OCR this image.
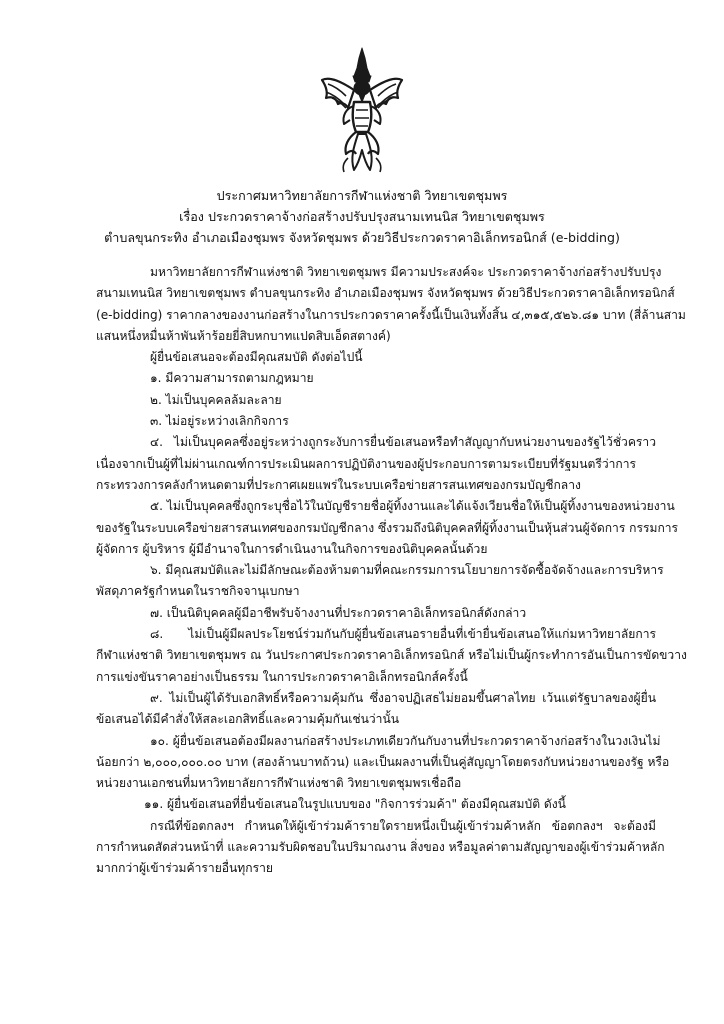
ประกาศมหาวิทยาลัยการกีฬาแห่งชาติ วิทยาเขตชุมพร
เรื่อง ประกวดราคาจ้างก่อสร้างปรับปรุงสนามเทนนิส วิทยาเขตชุมพร
ตำบลขุนกระทิง อำเภอเมืองชุมพร จังหวัดชุมพร ด้วยวิธีประกวดราคาอิเล็กทรอนิกส์ (e-bidding)
มหาวิทยาลัยการกีฬาแห่งชาติ วิทยาเขตชุมพร มีความประสงค์จะ ประกวดราคาจ้างก่อสร้างปรับปรุง
สนามเทนนิส วิทยาเขตชุมพร ตำบลขุนกระทิง อำเภอเมืองชุมพร จังหวัดชุมพร ด้วยวิธีประกวดราคาอิเล็กทรอนิกส์
(e-bidding) ราคากลางของงานก่อสร้างในการประกวดราคาครั้งนี้เป็นเงินทั้งสิ้น ๔,๓๑๕,๕๒๖.๘๑ บาท (สี่ล้านสาม
แสนหนึ่งหมื่นห้าพันห้าร้อยยี่สิบหกบาทแปดสิบเอ็ดสตางค์)
ผู้ยื่นข้อเสนอจะต้องมีคุณสมบัติ ดังต่อไปนี้
๑. มีความสามารถตามกฎหมาย
๒. ไม่เป็นบุคคลล้มละลาย
๓. ไม่อยู่ระหว่างเลิกกิจการ
๔. ไม่เป็นบุคคลซึ่งอยู่ระหว่างถูกระงับการยื่นข้อเสนอหรือทำสัญญากับหน่วยงานของรัฐไว้ชั่วคราว
เนื่องจากเป็นผู้ที่ไม่ผ่านเกณฑ์การประเมินผลการปฏิบัติงานของผู้ประกอบการตามระเบียบที่รัฐมนตรีว่าการ
กระทรวงการคลังกำหนดตามที่ประกาศเผยแพร่ในระบบเครือข่ายสารสนเทศของกรมบัญชีกลาง
๕. ไม่เป็นบุคคลซึ่งถูกระบุชื่อไว้ในบัญชีรายชื่อผู้ทิ้งงานและได้แจ้งเวียนชื่อให้เป็นผู้ทิ้งงานของหน่วยงาน
ของรัฐในระบบเครือข่ายสารสนเทศของกรมบัญชีกลาง ซึ่งรวมถึงนิติบุคคลที่ผู้ทิ้งงานเป็นหุ้นส่วนผู้จัดการ กรรมการ
ผู้จัดการ ผู้บริหาร ผู้มีอำนาจในการดำเนินงานในกิจการของนิติบุคคลนั้นด้วย
๖. มีคุณสมบัติและไม่มีลักษณะต้องห้ามตามที่คณะกรรมการนโยบายการจัดซื้อจัดจ้างและการบริหาร
พัสดุภาครัฐกำหนดในราชกิจจานุเบกษา
๗. เป็นนิติบุคคลผู้มีอาชีพรับจ้างงานที่ประกวดราคาอิเล็กทรอนิกส์ดังกล่าว
๘. ไม่เป็นผู้มีผลประโยชน์ร่วมกันกับผู้ยื่นข้อเสนอรายอื่นที่เข้ายื่นข้อเสนอให้แก่มหาวิทยาลัยการ
กีฬาแห่งชาติ วิทยาเขตชุมพร ณ วันประกาศประกวดราคาอิเล็กทรอนิกส์ หรือไม่เป็นผู้กระทำการอันเป็นการขัดขวาง
การแข่งขันราคาอย่างเป็นธรรม ในการประกวดราคาอิเล็กทรอนิกส์ครั้งนี้
๙. ไม่เป็นผู้ได้รับเอกสิทธิ์หรือความคุ้มกัน ซึ่งอาจปฏิเสธไม่ยอมขึ้นศาลไทย เว้นแต่รัฐบาลของผู้ยื่น
ข้อเสนอได้มีคำสั่งให้สละเอกสิทธิ์และความคุ้มกันเช่นว่านั้น
๑๐. ผู้ยื่นข้อเสนอต้องมีผลงานก่อสร้างประเภทเดียวกันกับงานที่ประกวดราคาจ้างก่อสร้างในวงเงินไม่
น้อยกว่า ๒,๐๐๐,๐๐๐.๐๐ บาท (สองล้านบาทถ้วน) และเป็นผลงานที่เป็นคู่สัญญาโดยตรงกับหน่วยงานของรัฐ หรือ
หน่วยงานเอกชนที่มหาวิทยาลัยการกีฬาแห่งชาติ วิทยาเขตชุมพรเชื่อถือ
๑๑. ผู้ยื่นข้อเสนอที่ยื่นข้อเสนอในรูปแบบของ "กิจการร่วมค้า" ต้องมีคุณสมบัติ ดังนี้
กรณีที่ข้อตกลงฯ กำหนดให้ผู้เข้าร่วมค้ารายใดรายหนึ่งเป็นผู้เข้าร่วมค้าหลัก ข้อตกลงฯ จะต้องมี
การกำหนดสัดส่วนหน้าที่ และความรับผิดชอบในปริมาณงาน สิ่งของ หรือมูลค่าตามสัญญาของผู้เข้าร่วมค้าหลัก
มากกว่าผู้เข้าร่วมค้ารายอื่นทุกราย
